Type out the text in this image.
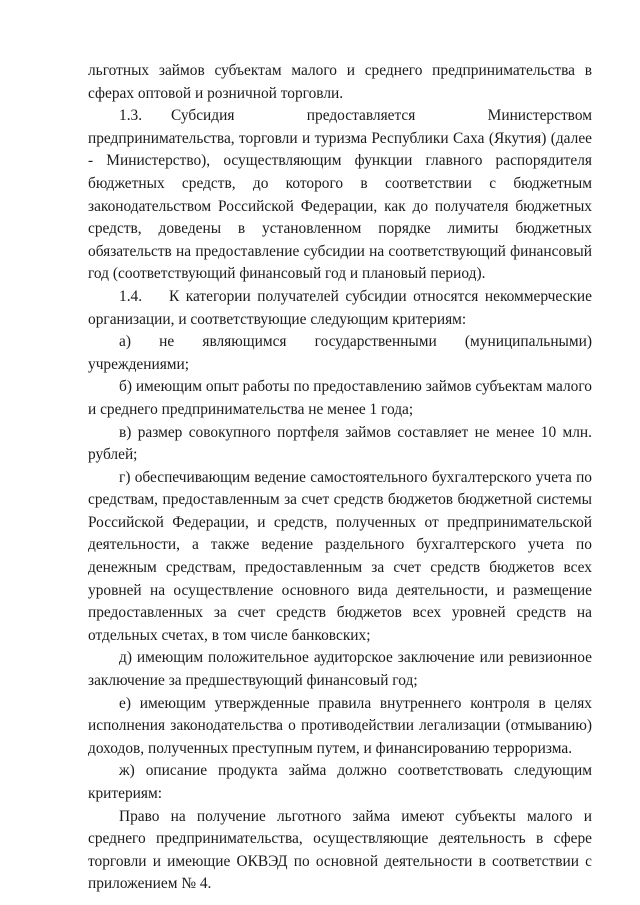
льготных займов субъектам малого и среднего предпринимательства в сферах оптовой и розничной торговли.

1.3. Субсидия предоставляется Министерством предпринимательства, торговли и туризма Республики Саха (Якутия) (далее - Министерство), осуществляющим функции главного распорядителя бюджетных средств, до которого в соответствии с бюджетным законодательством Российской Федерации, как до получателя бюджетных средств, доведены в установленном порядке лимиты бюджетных обязательств на предоставление субсидии на соответствующий финансовый год (соответствующий финансовый год и плановый период).

1.4. К категории получателей субсидии относятся некоммерческие организации, и соответствующие следующим критериям:

а) не являющимся государственными (муниципальными) учреждениями;

б) имеющим опыт работы по предоставлению займов субъектам малого и среднего предпринимательства не менее 1 года;

в) размер совокупного портфеля займов составляет не менее 10 млн. рублей;

г) обеспечивающим ведение самостоятельного бухгалтерского учета по средствам, предоставленным за счет средств бюджетов бюджетной системы Российской Федерации, и средств, полученных от предпринимательской деятельности, а также ведение раздельного бухгалтерского учета по денежным средствам, предоставленным за счет средств бюджетов всех уровней на осуществление основного вида деятельности, и размещение предоставленных за счет средств бюджетов всех уровней средств на отдельных счетах, в том числе банковских;

д) имеющим положительное аудиторское заключение или ревизионное заключение за предшествующий финансовый год;

е) имеющим утвержденные правила внутреннего контроля в целях исполнения законодательства о противодействии легализации (отмыванию) доходов, полученных преступным путем, и финансированию терроризма.

ж) описание продукта займа должно соответствовать следующим критериям:

Право на получение льготного займа имеют субъекты малого и среднего предпринимательства, осуществляющие деятельность в сфере торговли и имеющие ОКВЭД по основной деятельности в соответствии с приложением № 4.
